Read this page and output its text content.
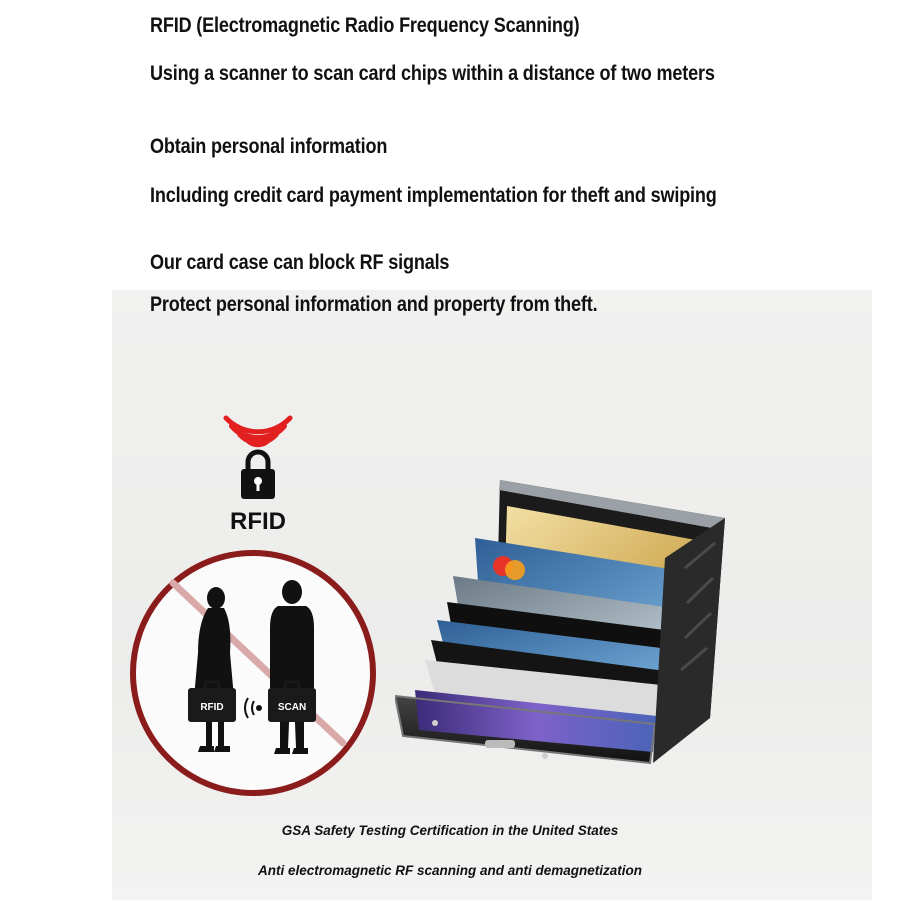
RFID (Electromagnetic Radio Frequency Scanning)

Using a scanner to scan card chips within a distance of two meters

Obtain personal information

Including credit card payment implementation for theft and swiping

Our card case can block RF signals

Protect personal information and property from theft.

RFID
RFID	SCAN

GSA Safety Testing Certification in the United States

Anti electromagnetic RF scanning and anti demagnetization
